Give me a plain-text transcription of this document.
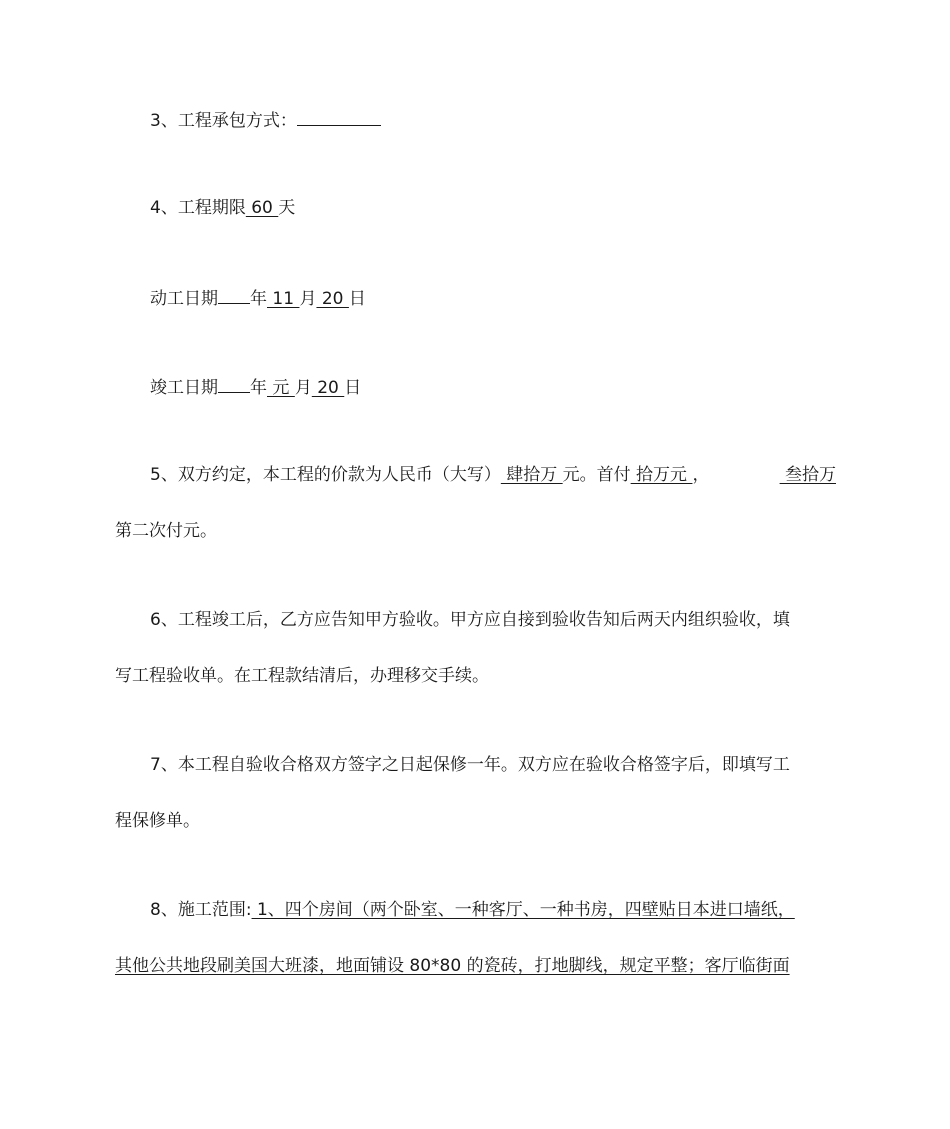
3、工程承包方式：
4、工程期限 60 天
动工日期 年 11 月 20 日
竣工日期 年 元 月 20 日
5、双方约定，本工程的价款为人民币（大写） 肆拾万 元。首付 拾万元 ，	叁拾万
第二次付元。
6、工程竣工后，乙方应告知甲方验收。甲方应自接到验收告知后两天内组织验收，填
写工程验收单。在工程款结清后，办理移交手续。
7、本工程自验收合格双方签字之日起保修一年。双方应在验收合格签字后，即填写工
程保修单。
8、施工范围: 1、四个房间（两个卧室、一种客厅、一种书房，四壁贴日本进口墙纸，
其他公共地段刷美国大班漆，地面铺设 80*80 的瓷砖，打地脚线，规定平整；客厅临街面
